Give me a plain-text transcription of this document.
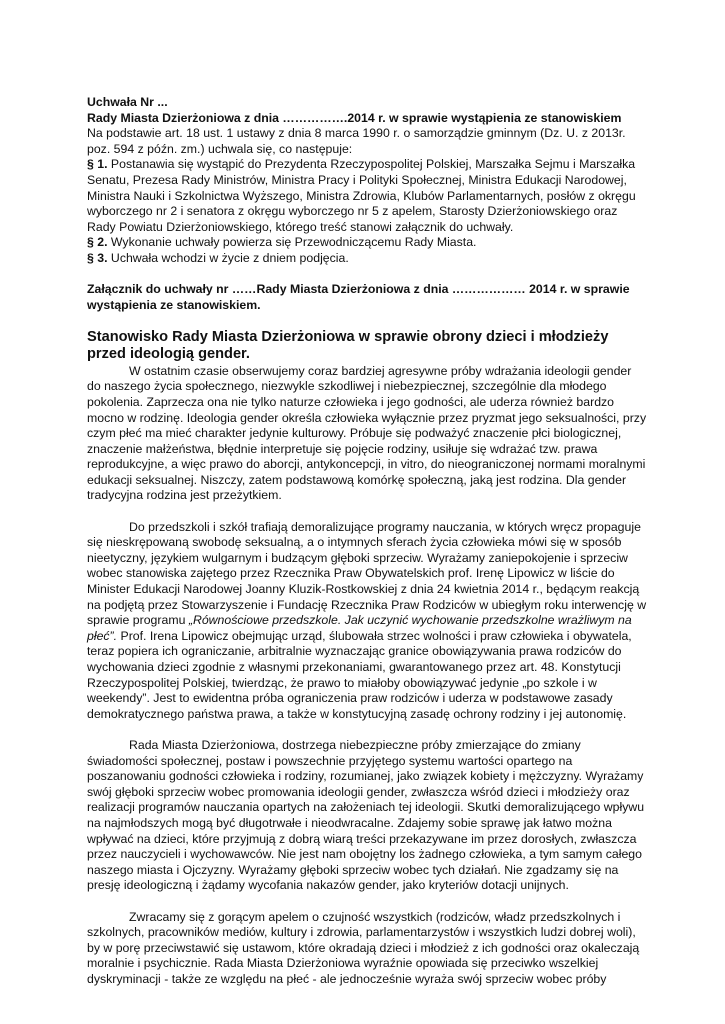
Uchwała Nr ...

Rady Miasta Dzierżoniowa z dnia …………….2014 r. w sprawie wystąpienia ze stanowiskiem

Na podstawie art. 18 ust. 1 ustawy z dnia 8 marca 1990 r. o samorządzie gminnym (Dz. U. z 2013r. poz. 594 z późn. zm.) uchwala się, co następuje:

§ 1. Postanawia się wystąpić do Prezydenta Rzeczypospolitej Polskiej, Marszałka Sejmu i Marszałka Senatu, Prezesa Rady Ministrów, Ministra Pracy i Polityki Społecznej, Ministra Edukacji Narodowej, Ministra Nauki i Szkolnictwa Wyższego, Ministra Zdrowia, Klubów Parlamentarnych, posłów z okręgu wyborczego nr 2 i senatora z okręgu wyborczego nr 5 z apelem, Starosty Dzierżoniowskiego oraz Rady Powiatu Dzierżoniowskiego, którego treść stanowi załącznik do uchwały.

§ 2. Wykonanie uchwały powierza się Przewodniczącemu Rady Miasta.

§ 3. Uchwała wchodzi w życie z dniem podjęcia.

Załącznik do uchwały nr ……Rady Miasta Dzierżoniowa z dnia ……………… 2014 r. w sprawie wystąpienia ze stanowiskiem.

Stanowisko Rady Miasta Dzierżoniowa w sprawie obrony dzieci i młodzieży przed ideologią gender.

W ostatnim czasie obserwujemy coraz bardziej agresywne próby wdrażania ideologii gender do naszego życia społecznego, niezwykle szkodliwej i niebezpiecznej, szczególnie dla młodego pokolenia. Zaprzecza ona nie tylko naturze człowieka i jego godności, ale uderza również bardzo mocno w rodzinę. Ideologia gender określa człowieka wyłącznie przez pryzmat jego seksualności, przy czym płeć ma mieć charakter jedynie kulturowy. Próbuje się podważyć znaczenie płci biologicznej, znaczenie małżeństwa, błędnie interpretuje się pojęcie rodziny, usiłuje się wdrażać tzw. prawa reprodukcyjne, a więc prawo do aborcji, antykoncepcji, in vitro, do nieograniczonej normami moralnymi edukacji seksualnej. Niszczy, zatem podstawową komórkę społeczną, jaką jest rodzina. Dla gender tradycyjna rodzina jest przeżytkiem.

Do przedszkoli i szkół trafiają demoralizujące programy nauczania, w których wręcz propaguje się nieskrępowaną swobodę seksualną, a o intymnych sferach życia człowieka mówi się w sposób nieetyczny, językiem wulgarnym i budzącym głęboki sprzeciw. Wyrażamy zaniepokojenie i sprzeciw wobec stanowiska zajętego przez Rzecznika Praw Obywatelskich prof. Irenę Lipowicz w liście do Minister Edukacji Narodowej Joanny Kluzik-Rostkowskiej z dnia 24 kwietnia 2014 r., będącym reakcją na podjętą przez Stowarzyszenie i Fundację Rzecznika Praw Rodziców w ubiegłym roku interwencję w sprawie programu „Równościowe przedszkole. Jak uczynić wychowanie przedszkolne wrażliwym na płeć”. Prof. Irena Lipowicz obejmując urząd, ślubowała strzec wolności i praw człowieka i obywatela, teraz popiera ich ograniczanie, arbitralnie wyznaczając granice obowiązywania prawa rodziców do wychowania dzieci zgodnie z własnymi przekonaniami, gwarantowanego przez art. 48. Konstytucji Rzeczypospolitej Polskiej, twierdząc, że prawo to miałoby obowiązywać jedynie „po szkole i w weekendy”. Jest to ewidentna próba ograniczenia praw rodziców i uderza w podstawowe zasady demokratycznego państwa prawa, a także w konstytucyjną zasadę ochrony rodziny i jej autonomię.

Rada Miasta Dzierżoniowa, dostrzega niebezpieczne próby zmierzające do zmiany świadomości społecznej, postaw i powszechnie przyjętego systemu wartości opartego na poszanowaniu godności człowieka i rodziny, rozumianej, jako związek kobiety i mężczyzny. Wyrażamy swój głęboki sprzeciw wobec promowania ideologii gender, zwłaszcza wśród dzieci i młodzieży oraz realizacji programów nauczania opartych na założeniach tej ideologii. Skutki demoralizującego wpływu na najmłodszych mogą być długotrwałe i nieodwracalne. Zdajemy sobie sprawę jak łatwo można wpływać na dzieci, które przyjmują z dobrą wiarą treści przekazywane im przez dorosłych, zwłaszcza przez nauczycieli i wychowawców. Nie jest nam obojętny los żadnego człowieka, a tym samym całego naszego miasta i Ojczyzny. Wyrażamy głęboki sprzeciw wobec tych działań. Nie zgadzamy się na presję ideologiczną i żądamy wycofania nakazów gender, jako kryteriów dotacji unijnych.

Zwracamy się z gorącym apelem o czujność wszystkich (rodziców, władz przedszkolnych i szkolnych, pracowników mediów, kultury i zdrowia, parlamentarzystów i wszystkich ludzi dobrej woli), by w porę przeciwstawić się ustawom, które okradają dzieci i młodzież z ich godności oraz okaleczają moralnie i psychicznie. Rada Miasta Dzierżoniowa wyraźnie opowiada się przeciwko wszelkiej dyskryminacji - także ze względu na płeć - ale jednocześnie wyraża swój sprzeciw wobec próby
